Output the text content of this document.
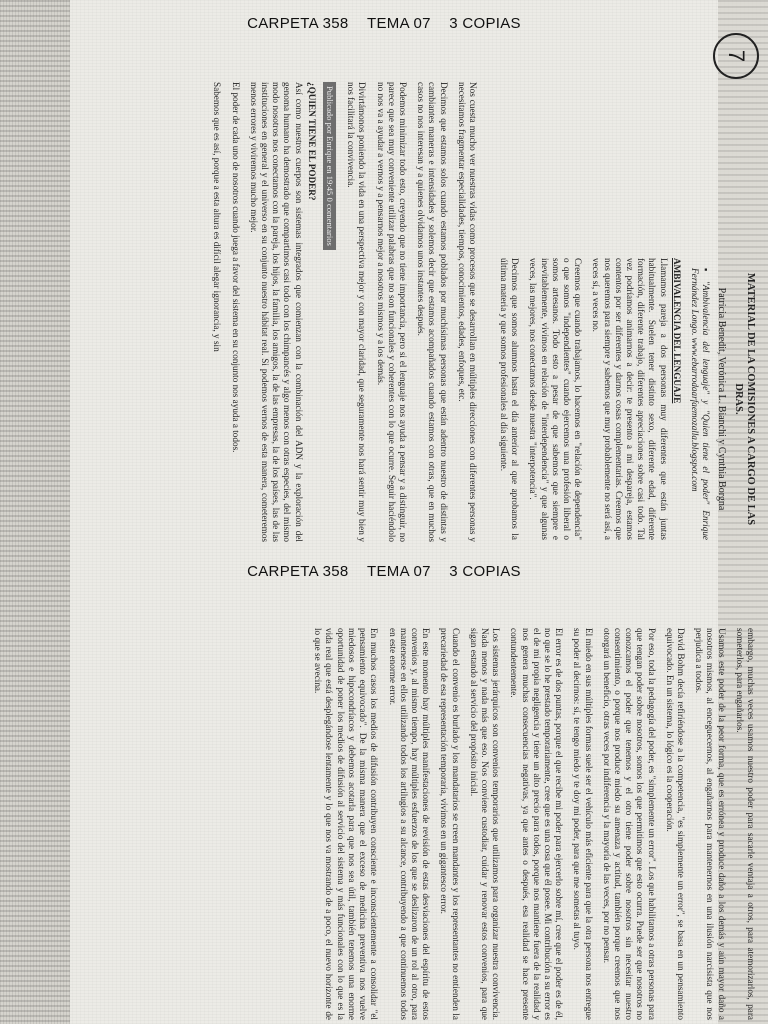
CARPETA 358 TEMA 07 3 COPIAS
7
MATERIAL DE LA COMISIONES A CARGO DE LAS DRAS.
Patricia Benedit, Verónica L. Bianchi y Cynthia Borgna

▪ "Ambivalencia del lenguaje" y "Quien tiene el poder" Enrique Fernández Longo. www.ebarrodaarfaemozalla.blogspot.com

AMBIVALENCIA DEL LENGUAJE

Llamamos pareja a dos personas muy diferentes que están juntas habitualmente. Suelen tener distinto sexo, diferente edad, diferente formación, diferente trabajo, diferentes apreciaciones sobre casi todo. Tal vez podríamos animarnos a decir: te presento a mi despareja, estamos contentos por ser diferentes y darnos cosas complementarias. Creemos que nos queremos para siempre y sabemos que muy probablemente no será así, a veces sí, a veces no.

Creemos que cuando trabajamos, lo hacemos en "relación de dependencia" o que somos "independientes" cuando ejercemos una profesión liberal o somos artesanos. Todo esto a pesar de que sabemos que siempre e inevitablemente, vivimos en relación de "interdependencia" y que algunas veces, las mejores, nos conectamos desde nuestra "interpotencia".

Decimos que somos alumnos hasta el día anterior al que aprobamos la última materia y que somos profesionales al día siguiente.

Nos cuesta mucho ver nuestras vidas como procesos que se desarrollan en múltiples direcciones con diferentes personas y necesitamos fragmentar especialidades, tiempos, conocimientos, edades, enfoques, etc.

Decimos que estamos solos cuando estamos poblados por muchísimas personas que están adentro nuestro de distintas y cambiantes maneras e intensidades y solemos decir que estamos acompañados cuando estamos con otras, que en muchos casos no nos interesan y a quienes olvidamos unos instantes después.

Podemos minimizar todo esto, creyendo que no tiene importancia, pero si el lenguaje nos ayuda a pensar y a distinguir, no parece que sea muy conveniente utilizar palabras que no son funcionales y coherentes con lo que ocurre. Seguir haciéndolo no nos va a ayudar a vernos y a pensarnos mejor a nosotros mismos y a los demás.

Divirtámonos poniendo la vida en una perspectiva mejor y con mayor claridad, que seguramente nos hará sentir muy bien y nos facilitará la convivencia.

Publicado por Enrique en 19:45 0 comentarios

¿QUIEN TIENE EL PODER?

Así como nuestros cuerpos son sistemas integrados que comienzan con la combinación del ADN y la exploración del genoma humano ha demostrado que compartimos casi todo con los chimpancés y algo menos con otras especies, del mismo modo nosotros nos conectamos con la pareja, los hijos, la familia, los amigos, la de las empresas, la de los países, las de las instituciones en general y el universo en su conjunto nuestro hábitat real. Si podemos vernos de esta manera, cometeremos menos errores y viviremos mucho mejor.

El poder de cada uno de nosotros cuando juega a favor del sistema en su conjunto nos ayuda a todos.

Sabemos que es así, porque a esta altura es difícil alegar ignorancia, y sin

CARPETA 358 TEMA 07 3 COPIAS

embargo, muchas veces usamos nuestro poder para sacarle ventaja a otros, para atemorizarlos, para someterlos, para engañarlos.

Usamos este poder de la peor forma, que es errónea y produce daño a los demás y aún mayor daño a nosotros mismos, al enceguecernos, al engañarnos para mantenernos en una ilusión narcisista que nos perjudica a todos.

David Bohm decía refiriéndose a la competencia, "es simplemente un error", se basa en un pensamiento equivocado. En un sistema, lo lógico es la cooperación.

Por eso, toda la pedagogía del poder, es "simplemente un error". Los que habilitamos a otras personas para que tengan poder sobre nosotros, somos los que permitimos que esto ocurra. Puede ser que nosotros no conozcamos el poder que tenemos y el otro tiene poder sobre nosotros sin necesitar nuestro consentimiento, o porque nos produce miedo su amenaza y actitud, también porque creemos que nos otorgará un beneficio, otras veces por indiferencia y la mayoría de las veces, por no pensar.

El miedo en sus múltiples formas suele ser el vehículo más eficiente para que la otra persona nos entregue su poder al decirnos: sí, te tengo miedo y te doy mi poder, para que me sometas al tuyo.

El error es de dos puntas, porque el que recibe mi poder para ejercerlo sobre mí, cree que el poder es de él, no que se lo he prestado temporariamente, cree que es una cosa que él posee. Mi contribución a su error es el de mi propia negligencia y tiene un alto precio para todos, porque nos mantiene fuera de la realidad y nos genera muchas consecuencias negativas, ya que antes o después, esa realidad se hace presente contundentemente.

Los sistemas jerárquicos son convenios temporarios que utilizamos para organizar nuestra convivencia. Nada menos y nada más que eso. Nos conviene custodiar, cuidar y renovar estos convenios, para que sigan estando al servicio del propósito inicial.

Cuando el convenio es burlado y los mandatarios se creen mandantes y los representantes no entienden la precariedad de esa representación temporaria, vivimos en un gigantesco error.

En este momento hay múltiples manifestaciones de revisión de estas desviaciones del espíritu de estos convenios y, al mismo tiempo, hay múltiples esfuerzos de los que se deslizaron de un rol al otro, para mantenerse en ellos utilizando todos los artilugios a su alcance, contribuyendo a que continuemos todos en este enorme error.

En muchos casos los medios de difusión contribuyen consciente e inconscientemente a consolidar "el pensamiento equivocado". De la misma manera que el exceso de medicina preventiva nos vuelve miedosos e hipocondríacos y debemos acotarla para que nos sea útil, también tenemos una enorme oportunidad de poner los medios de difusión al servicio del sistema y más funcionales con lo que es la vida real que está desplegándose lentamente y lo que nos va mostrando de a poco, el nuevo horizonte de lo que se avecina.
